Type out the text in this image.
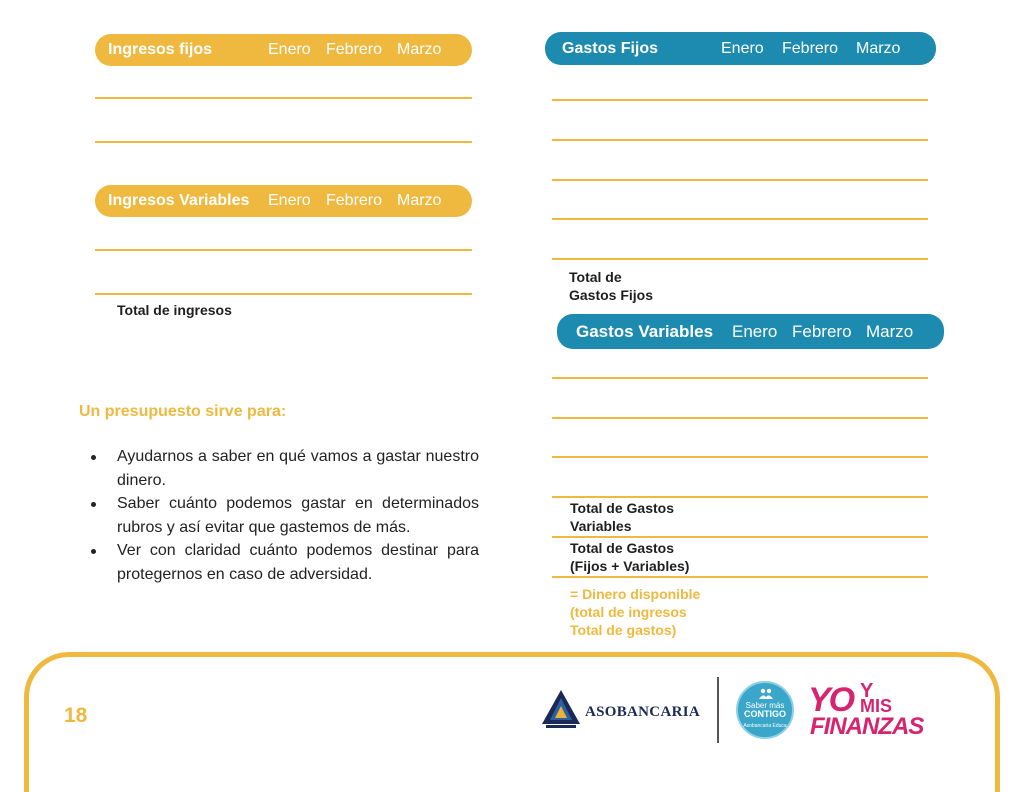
Ingresos fijos	Enero Febrero Marzo
Ingresos Variables Enero Febrero Marzo
Total de ingresos
Un presupuesto sirve para:
Ayudarnos a saber en qué vamos a gastar nuestro dinero.
Saber cuánto podemos gastar en determinados rubros y así evitar que gastemos de más.
Ver con claridad cuánto podemos destinar para protegernos en caso de adversidad.
Gastos Fijos	Enero Febrero Marzo
Total de
Gastos Fijos
Gastos Variables Enero Febrero Marzo
Total de Gastos
Variables
Total de Gastos
(Fijos + Variables)
= Dinero disponible
(total de ingresos
Total de gastos)
18	ASOBANCARIA	Saber más
CONTIGO
Asobancaria Educa
YO Y
MIS
FINANZAS
